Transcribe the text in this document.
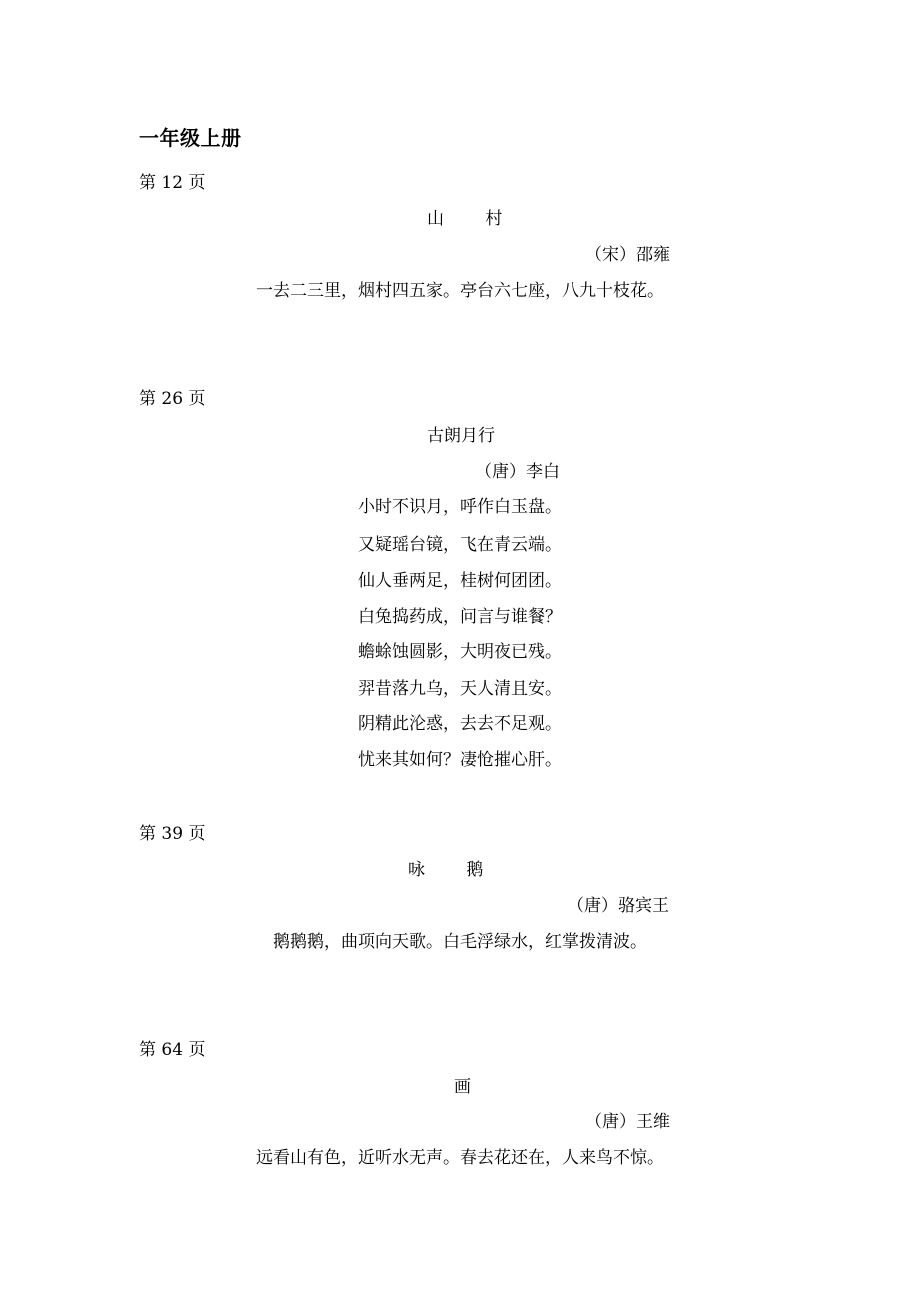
一年级上册
第 12 页
山 村
（宋）邵雍
一去二三里，烟村四五家。亭台六七座，八九十枝花。
第 26 页
古朗月行
（唐）李白
小时不识月，呼作白玉盘。
又疑瑶台镜，飞在青云端。
仙人垂两足，桂树何团团。
白兔捣药成，问言与谁餐？
蟾蜍蚀圆影，大明夜已残。
羿昔落九乌，天人清且安。
阴精此沦惑，去去不足观。
忧来其如何？凄怆摧心肝。
第 39 页
咏 鹅
（唐）骆宾王
鹅鹅鹅，曲项向天歌。白毛浮绿水，红掌拨清波。
第 64 页
画
（唐）王维
远看山有色，近听水无声。春去花还在，人来鸟不惊。
